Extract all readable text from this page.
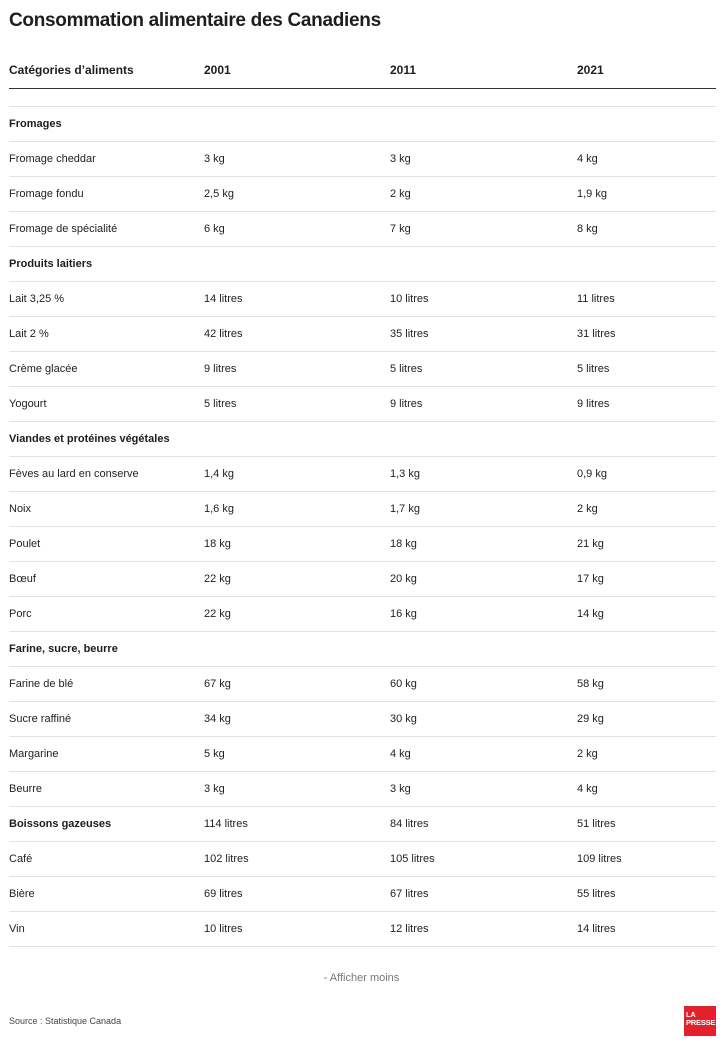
Consommation alimentaire des Canadiens
Catégories d’aliments	2001	2011	2021
Fromages
Fromage cheddar	3 kg	3 kg	4 kg
Fromage fondu	2,5 kg	2 kg	1,9 kg
Fromage de spécialité	6 kg	7 kg	8 kg
Produits laitiers
Lait 3,25 %	14 litres	10 litres	11 litres
Lait 2 %	42 litres	35 litres	31 litres
Crème glacée	9 litres	5 litres	5 litres
Yogourt	5 litres	9 litres	9 litres
Viandes et protéines végétales
Fèves au lard en conserve	1,4 kg	1,3 kg	0,9 kg
Noix	1,6 kg	1,7 kg	2 kg
Poulet	18 kg	18 kg	21 kg
Bœuf	22 kg	20 kg	17 kg
Porc	22 kg	16 kg	14 kg
Farine, sucre, beurre
Farine de blé	67 kg	60 kg	58 kg
Sucre raffiné	34 kg	30 kg	29 kg
Margarine	5 kg	4 kg	2 kg
Beurre	3 kg	3 kg	4 kg
Boissons gazeuses	114 litres	84 litres	51 litres
Café	102 litres	105 litres	109 litres
Bière	69 litres	67 litres	55 litres
Vin	10 litres	12 litres	14 litres
- Afficher moins
Source : Statistique Canada
LA
PRESSE
